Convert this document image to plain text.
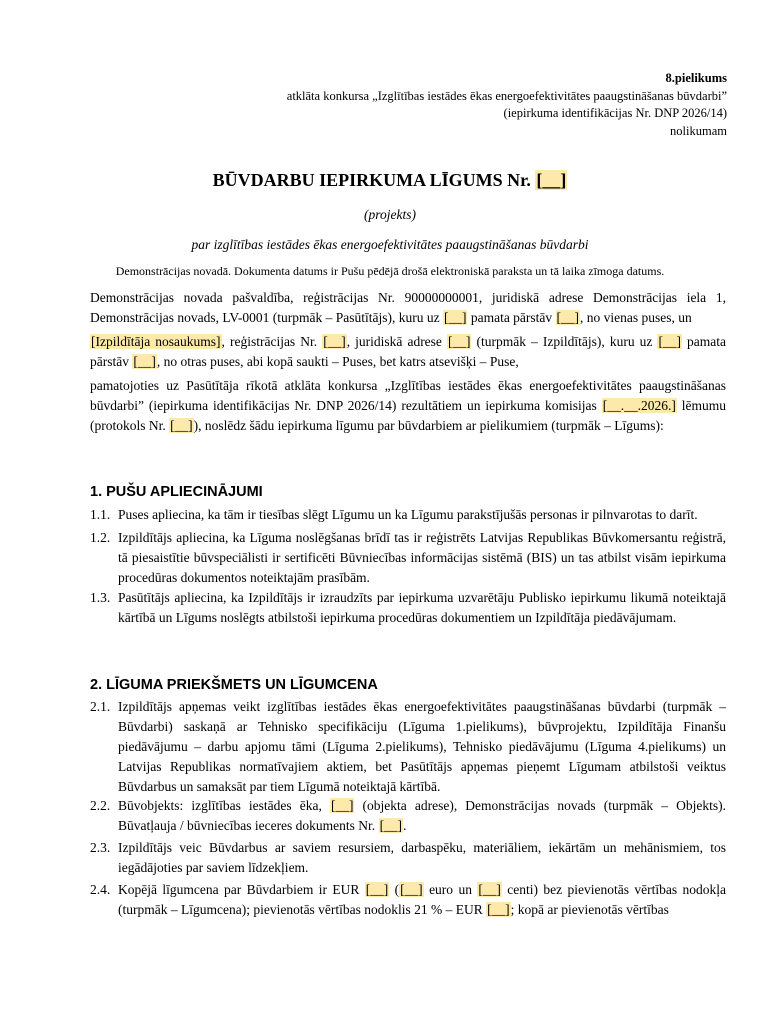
8.pielikums
atklāta konkursa „Izglītības iestādes ēkas energoefektivitātes paaugstināšanas būvdarbi”
(iepirkuma identifikācijas Nr. DNP 2026/14)
nolikumam
BŪVDARBU IEPIRKUMA LĪGUMS Nr. [__]
(projekts)
par izglītības iestādes ēkas energoefektivitātes paaugstināšanas būvdarbi
Demonstrācijas novadā. Dokumenta datums ir Pušu pēdējā drošā elektroniskā paraksta un tā laika zīmoga datums.
Demonstrācijas novada pašvaldība, reģistrācijas Nr. 90000000001, juridiskā adrese Demonstrācijas iela 1, Demonstrācijas novads, LV-0001 (turpmāk – Pasūtītājs), kuru uz [__] pamata pārstāv [__], no vienas puses, un
[Izpildītāja nosaukums], reģistrācijas Nr. [__], juridiskā adrese [__] (turpmāk – Izpildītājs), kuru uz [__] pamata pārstāv [__], no otras puses, abi kopā saukti – Puses, bet katrs atsevišķi – Puse,
pamatojoties uz Pasūtītāja rīkotā atklāta konkursa „Izglītības iestādes ēkas energoefektivitātes paaugstināšanas būvdarbi” (iepirkuma identifikācijas Nr. DNP 2026/14) rezultātiem un iepirkuma komisijas [__.__.2026.] lēmumu (protokols Nr. [__]), noslēdz šādu iepirkuma līgumu par būvdarbiem ar pielikumiem (turpmāk – Līgums):
1. PUŠU APLIECINĀJUMI
1.1. Puses apliecina, ka tām ir tiesības slēgt Līgumu un ka Līgumu parakstījušās personas ir pilnvarotas to darīt.
1.2. Izpildītājs apliecina, ka Līguma noslēgšanas brīdī tas ir reģistrēts Latvijas Republikas Būvkomersantu reģistrā, tā piesaistītie būvspeciālisti ir sertificēti Būvniecības informācijas sistēmā (BIS) un tas atbilst visām iepirkuma procedūras dokumentos noteiktajām prasībām.
1.3. Pasūtītājs apliecina, ka Izpildītājs ir izraudzīts par iepirkuma uzvarētāju Publisko iepirkumu likumā noteiktajā kārtībā un Līgums noslēgts atbilstoši iepirkuma procedūras dokumentiem un Izpildītāja piedāvājumam.
2. LĪGUMA PRIEKŠMETS UN LĪGUMCENA
2.1. Izpildītājs apņemas veikt izglītības iestādes ēkas energoefektivitātes paaugstināšanas būvdarbi (turpmāk – Būvdarbi) saskaņā ar Tehnisko specifikāciju (Līguma 1.pielikums), būvprojektu, Izpildītāja Finanšu piedāvājumu – darbu apjomu tāmi (Līguma 2.pielikums), Tehnisko piedāvājumu (Līguma 4.pielikums) un Latvijas Republikas normatīvajiem aktiem, bet Pasūtītājs apņemas pieņemt Līgumam atbilstoši veiktus Būvdarbus un samaksāt par tiem Līgumā noteiktajā kārtībā.
2.2. Būvobjekts: izglītības iestādes ēka, [__] (objekta adrese), Demonstrācijas novads (turpmāk – Objekts). Būvatļauja / būvniecības ieceres dokuments Nr. [__].
2.3. Izpildītājs veic Būvdarbus ar saviem resursiem, darbaspēku, materiāliem, iekārtām un mehānismiem, tos iegādājoties par saviem līdzekļiem.
2.4. Kopējā līgumcena par Būvdarbiem ir EUR [__] ([__] euro un [__] centi) bez pievienotās vērtības nodokļa (turpmāk – Līgumcena); pievienotās vērtības nodoklis 21 % – EUR [__]; kopā ar pievienotās vērtības
